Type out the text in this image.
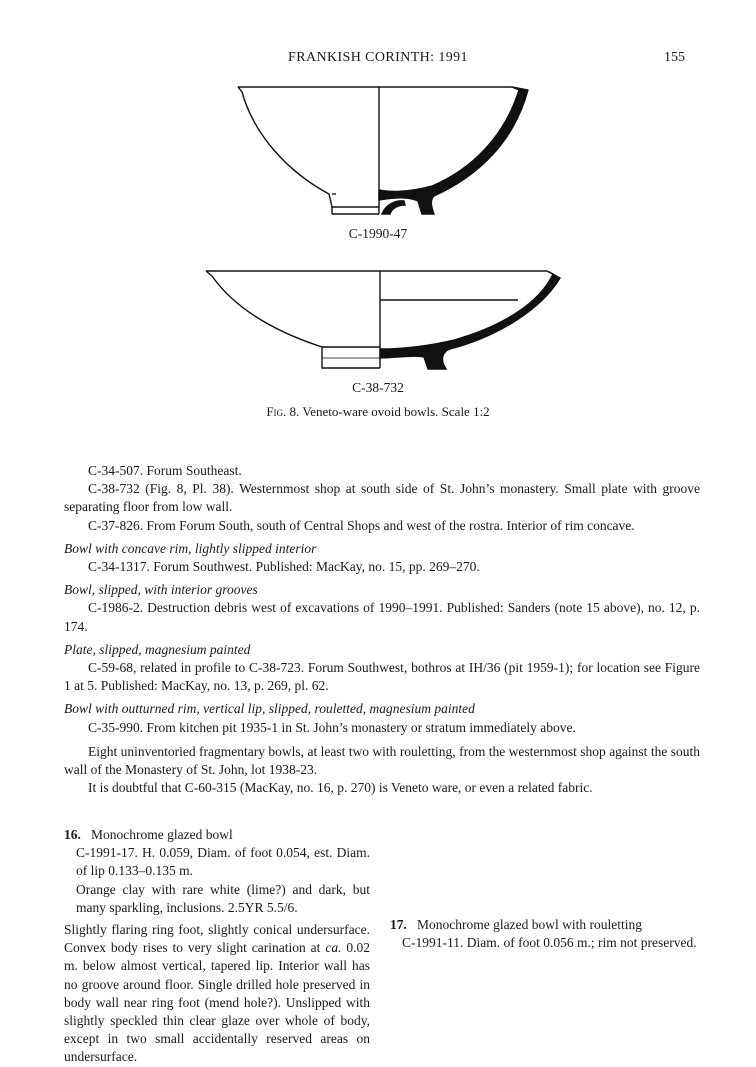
FRANKISH CORINTH: 1991	155
C-1990-47
C-38-732
Fig. 8. Veneto-ware ovoid bowls. Scale 1:2

C-34-507. Forum Southeast.

C-38-732 (Fig. 8, Pl. 38). Westernmost shop at south side of St. John’s monastery. Small plate with groove separating floor from low wall.

C-37-826. From Forum South, south of Central Shops and west of the rostra. Interior of rim concave.

Bowl with concave rim, lightly slipped interior

C-34-1317. Forum Southwest. Published: MacKay, no. 15, pp. 269–270.

Bowl, slipped, with interior grooves

C-1986-2. Destruction debris west of excavations of 1990–1991. Published: Sanders (note 15 above), no. 12, p. 174.

Plate, slipped, magnesium painted

C-59-68, related in profile to C-38-723. Forum Southwest, bothros at IH/36 (pit 1959-1); for location see Figure 1 at 5. Published: MacKay, no. 13, p. 269, pl. 62.

Bowl with outturned rim, vertical lip, slipped, rouletted, magnesium painted

C-35-990. From kitchen pit 1935-1 in St. John’s monastery or stratum immediately above.

Eight uninventoried fragmentary bowls, at least two with rouletting, from the westernmost shop against the south wall of the Monastery of St. John, lot 1938-23.

It is doubtful that C-60-315 (MacKay, no. 16, p. 270) is Veneto ware, or even a related fabric.

16. Monochrome glazed bowl

C-1991-17. H. 0.059, Diam. of foot 0.054, est. Diam. of lip 0.133–0.135 m.

Orange clay with rare white (lime?) and dark, but many sparkling, inclusions. 2.5YR 5.5/6.

Slightly flaring ring foot, slightly conical undersurface. Convex body rises to very slight carination at ca. 0.02 m. below almost vertical, tapered lip. Interior wall has no groove around floor. Single drilled hole preserved in body wall near ring foot (mend hole?). Unslipped with slightly speckled thin clear glaze over whole of body, except in two small accidentally reserved areas on undersurface.

17. Monochrome glazed bowl with rouletting

C-1991-11. Diam. of foot 0.056 m.; rim not preserved.
